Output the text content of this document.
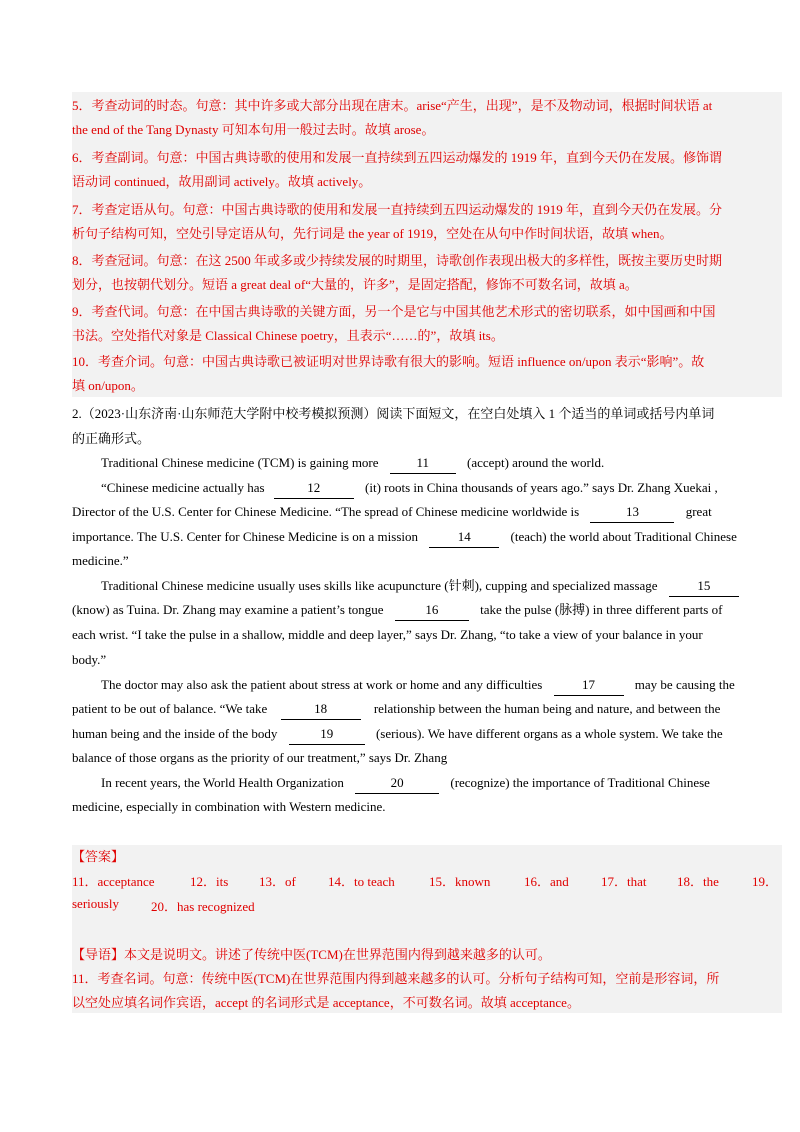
5．考查动词的时态。句意：其中许多或大部分出现在唐末。arise“产生，出现”，是不及物动词，根据时间状语 at
the end of the Tang Dynasty 可知本句用一般过去时。故填 arose。
6．考查副词。句意：中国古典诗歌的使用和发展一直持续到五四运动爆发的 1919 年，直到今天仍在发展。修饰谓
语动词 continued，故用副词 actively。故填 actively。
7．考查定语从句。句意：中国古典诗歌的使用和发展一直持续到五四运动爆发的 1919 年，直到今天仍在发展。分
析句子结构可知，空处引导定语从句，先行词是 the year of 1919，空处在从句中作时间状语，故填 when。
8．考查冠词。句意：在这 2500 年或多或少持续发展的时期里，诗歌创作表现出极大的多样性，既按主要历史时期
划分，也按朝代划分。短语 a great deal of“大量的，许多”，是固定搭配，修饰不可数名词，故填 a。
9．考查代词。句意：在中国古典诗歌的关键方面，另一个是它与中国其他艺术形式的密切联系，如中国画和中国
书法。空处指代对象是 Classical Chinese poetry，且表示“……的”，故填 its。
10．考查介词。句意：中国古典诗歌已被证明对世界诗歌有很大的影响。短语 influence on/upon 表示“影响”。故
填 on/upon。
2.（2023·山东济南·山东师范大学附中校考模拟预测）阅读下面短文，在空白处填入 1 个适当的单词或括号内单词
的正确形式。
Traditional Chinese medicine (TCM) is gaining more	11	(accept) around the world.
“Chinese medicine actually has	12	(it) roots in China thousands of years ago.” says Dr. Zhang Xuekai ,
Director of the U.S. Center for Chinese Medicine. “The spread of Chinese medicine worldwide is	13	great
importance. The U.S. Center for Chinese Medicine is on a mission	14	(teach) the world about Traditional Chinese
medicine.”
Traditional Chinese medicine usually uses skills like acupuncture (针刺), cupping and specialized massage	15
(know) as Tuina. Dr. Zhang may examine a patient’s tongue	16	take the pulse (脉搏) in three different parts of
each wrist. “I take the pulse in a shallow, middle and deep layer,” says Dr. Zhang, “to take a view of your balance in your
body.”
The doctor may also ask the patient about stress at work or home and any difficulties	17	may be causing the
patient to be out of balance. “We take	18	relationship between the human being and nature, and between the
human being and the inside of the body	19	(serious). We have different organs as a whole system. We take the
balance of those organs as the priority of our treatment,” says Dr. Zhang
In recent years, the World Health Organization	20	(recognize) the importance of Traditional Chinese
medicine, especially in combination with Western medicine.
【答案】
11．acceptance	12．its 13．of 14．to teach	15．known	16．and 17．that 18．the	19．
seriously 20．has recognized
【导语】本文是说明文。讲述了传统中医(TCM)在世界范围内得到越来越多的认可。
11．考查名词。句意：传统中医(TCM)在世界范围内得到越来越多的认可。分析句子结构可知，空前是形容词，所
以空处应填名词作宾语，accept 的名词形式是 acceptance，不可数名词。故填 acceptance。
